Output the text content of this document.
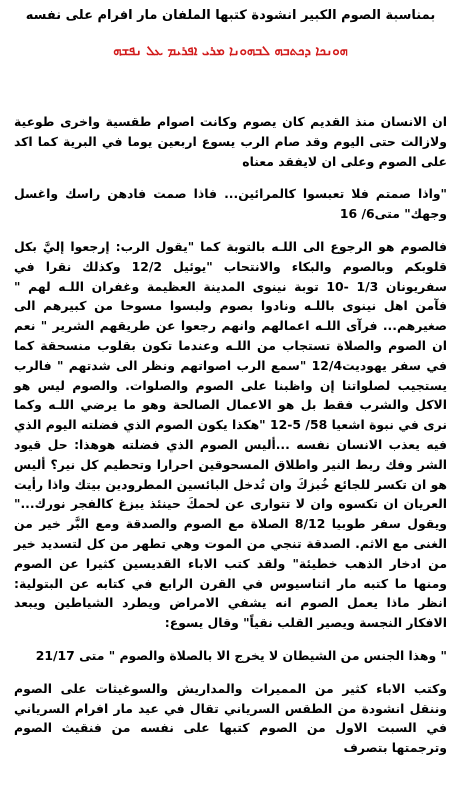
بمناسبة الصوم الكبير انشودة كتبها الملفان مار افرام على نفسه
ܗܘܢܟܐ ܕܟܬܒܗ ܠܒܗܘܢܐ ܡܪܝ ܐܦܪܝܡ ܥܠ ܢܦܫܗ

ان الانسان منذ القديم كان يصوم وكانت اصوام طقسية واخرى طوعية ولازالت حتى اليوم وقد صام الرب يسوع اربعين يوما في البرية كما اكد على الصوم وعلى ان لايفقد معناه

"واذا صمتم فلا تعبسوا كالمرائين... فاذا صمت فادهن راسك واغسل وجهك" متى6/ 16

فالصوم هو الرجوع الى اللـه بالتوبة كما "يقول الرب: إرجعوا إليَّ بكل قلوبكم وبالصوم والبكاء والانتحاب "يوئيل 12/2 وكذلك نقرا في سفريونان 1/3 -10 توبة نينوى المدينة العظيمة وغفران اللـه لهم " فآمن اهل نينوى باللـه ونادوا بصوم ولبسوا مسوحا من كبيرهم الى صغيرهم... فرآى اللـه اعمالهم وانهم رجعوا عن طريقهم الشرير " نعم ان الصوم والصلاة تستجاب من اللـه وعندما تكون بقلوب منسحقة كما في سفر يهوديت12/4 "سمع الرب اصواتهم ونظر الى شدتهم " فالرب يستجيب لصلواتنا إن واظبنا على الصوم والصلوات. والصوم ليس هو الاكل والشرب فقط بل هو الاعمال الصالحة وهو ما يرضي اللـه وكما نرى في نبوة اشعيا 58/ 5-12 "هكذا يكون الصوم الذي فضلته اليوم الذي فيه يعذب الانسان نفسه ...أليس الصوم الذي فضلته هوهذا: حل قيود الشر وفك ربط النير واطلاق المسحوقين احرارا وتحطيم كل نير؟ أليس هو ان تكسر للجائع خُبزكَ وان تُدخل البائسين المطرودين بيتك واذا رأيت العريان ان تكسوه وان لا تتوارى عن لحمكَ حينئذ يبزغ كالفجر نورك..." ويقول سفر طوبيا 8/12 الصلاة مع الصوم والصدقة ومع البَّر خير من الغنى مع الاثم. الصدقة تنجي من الموت وهي تطهر من كل لتسديد خير من ادخار الذهب خطيئة" ولقد كتب الاباء القديسين كثيرا عن الصوم ومنها ما كتبه مار اثناسيوس في القرن الرابع في كتابه عن البتولية: انظر ماذا يعمل الصوم انه يشفي الامراض ويطرد الشياطين ويبعد الافكار النجسة ويصير القلب نقياً" وقال يسوع:

" وهذا الجنس من الشيطان لا يخرج الا بالصلاة والصوم " متى 21/17

وكتب الاباء كثير من المميرات والمداريش والسوغيثات على الصوم وننقل انشودة من الطقس السرياني تقال في عيد مار افرام السرياني في السبت الاول من الصوم كتبها على نفسه من فنقيث الصوم وترجمتها بتصرف
